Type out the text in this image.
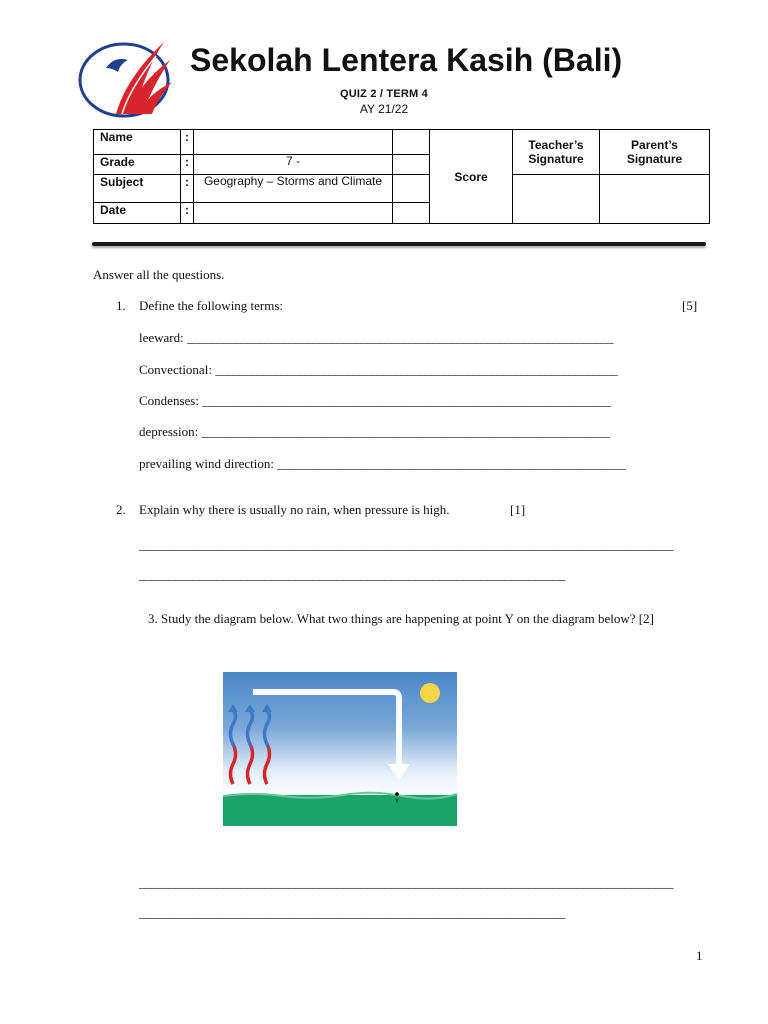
Sekolah Lentera Kasih (Bali)
QUIZ 2 / TERM 4
AY 21/22
Name	:			Score	Teacher’s Signature	Parent’s Signature
Grade	:	7 -				
Subject	:	Geography – Storms and Climate				
Date	:					
Answer all the questions.
1. Define the following terms:	[5]
leeward: _______________________________________________________________________
Convectional: ___________________________________________________________________
Condenses: ____________________________________________________________________
depression: ____________________________________________________________________
prevailing wind direction: __________________________________________________________
2. Explain why there is usually no rain, when pressure is high.	[1]
_________________________________________________________________________________________
_______________________________________________________________________
3. Study the diagram below. What two things are happening at point Y on the diagram below? [2]
Y
_________________________________________________________________________________________
_______________________________________________________________________
1
